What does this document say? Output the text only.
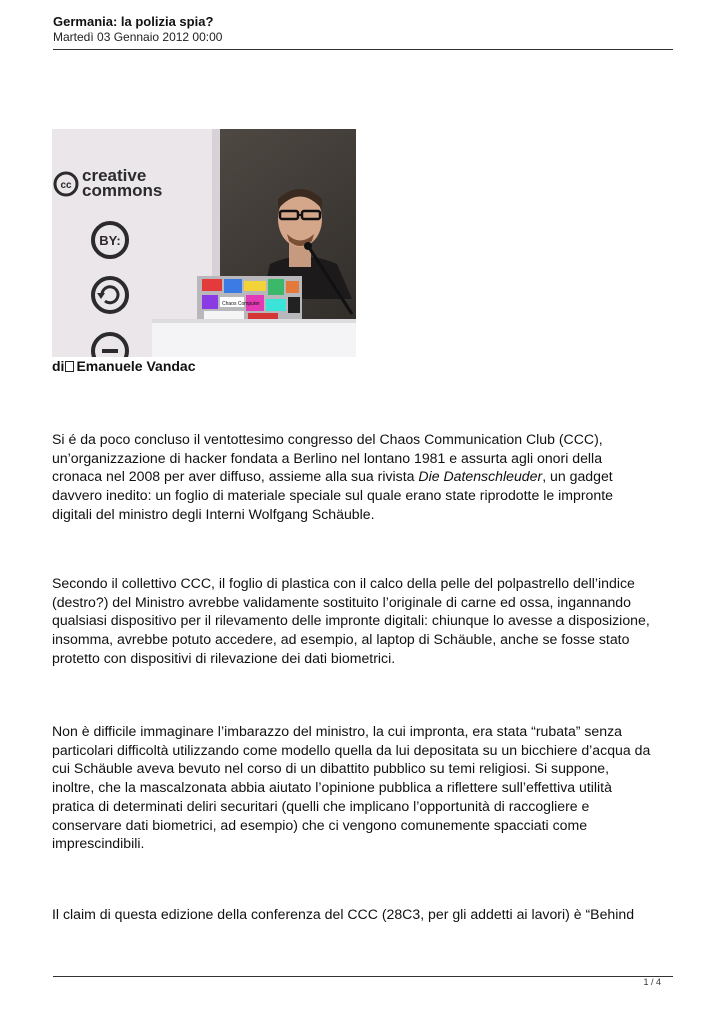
Germania: la polizia spia?
Martedì 03 Gennaio 2012 00:00
cc
creative
commons
BY:
Chaos Computer
di Emanuele Vandac
Si é da poco concluso il ventottesimo congresso del Chaos Communication Club (CCC),
un’organizzazione di hacker fondata a Berlino nel lontano 1981 e assurta agli onori della
cronaca nel 2008 per aver diffuso, assieme alla sua rivista Die Datenschleuder, un gadget
davvero inedito: un foglio di materiale speciale sul quale erano state riprodotte le impronte
digitali del ministro degli Interni Wolfgang Schäuble.
Secondo il collettivo CCC, il foglio di plastica con il calco della pelle del polpastrello dell’indice
(destro?) del Ministro avrebbe validamente sostituito l’originale di carne ed ossa, ingannando
qualsiasi dispositivo per il rilevamento delle impronte digitali: chiunque lo avesse a disposizione,
insomma, avrebbe potuto accedere, ad esempio, al laptop di Schäuble, anche se fosse stato
protetto con dispositivi di rilevazione dei dati biometrici.
Non è difficile immaginare l’imbarazzo del ministro, la cui impronta, era stata “rubata” senza
particolari difficoltà utilizzando come modello quella da lui depositata su un bicchiere d’acqua da
cui Schäuble aveva bevuto nel corso di un dibattito pubblico su temi religiosi. Si suppone,
inoltre, che la mascalzonata abbia aiutato l’opinione pubblica a riflettere sull’effettiva utilità
pratica di determinati deliri securitari (quelli che implicano l’opportunità di raccogliere e
conservare dati biometrici, ad esempio) che ci vengono comunemente spacciati come
imprescindibili.
Il claim di questa edizione della conferenza del CCC (28C3, per gli addetti ai lavori) è “Behind
1 / 4
